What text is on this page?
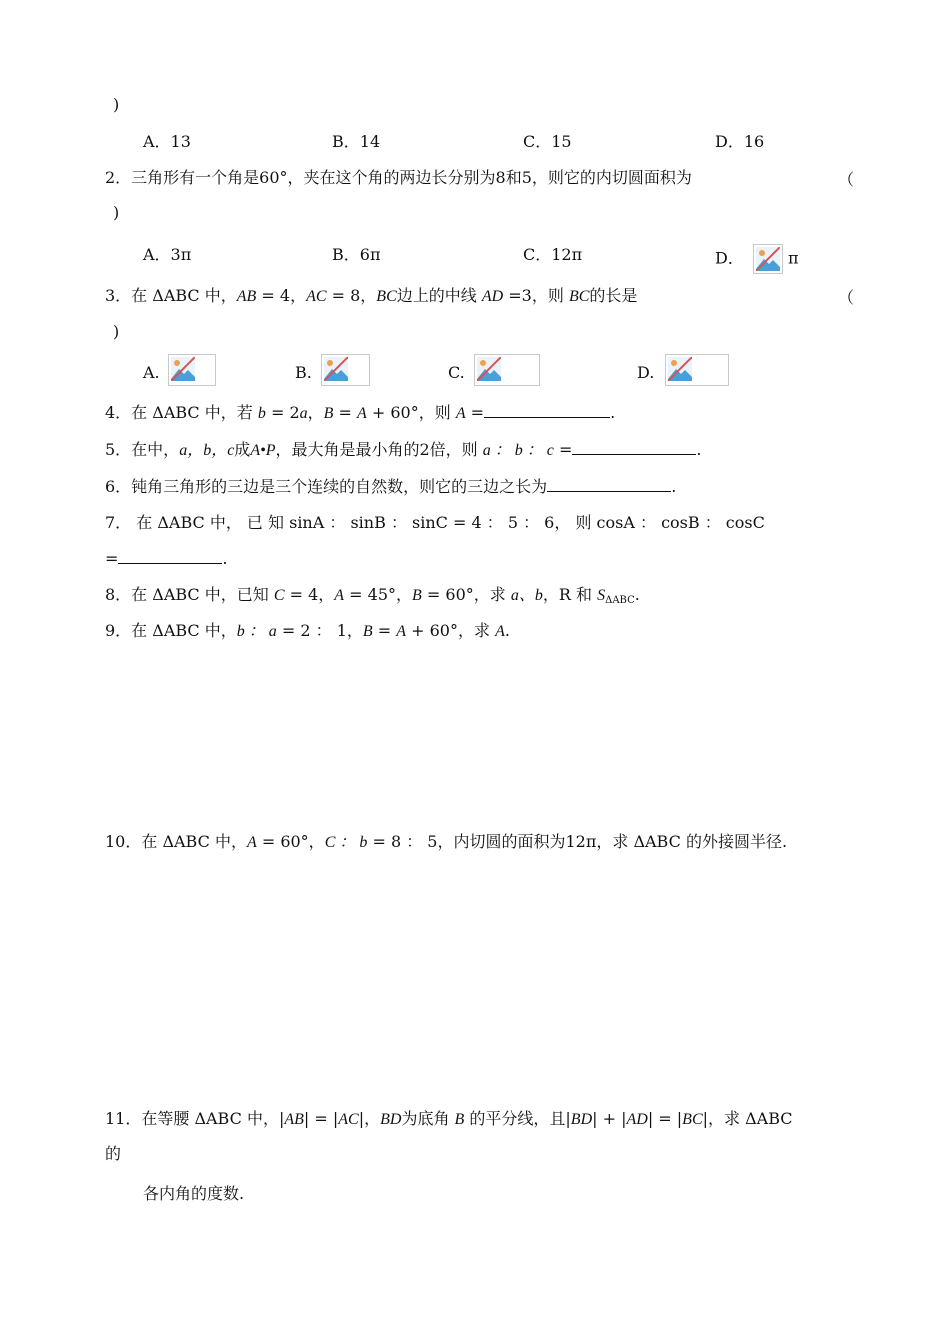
)
A．13	B．14	C．15	D．16
2．三角形有一个角是60°，夹在这个角的两边长分别为8和5，则它的内切圆面积为	（
)
A．3π	B．6π	C．12π	D．	π
3．在 ΔABC 中，AB = 4，AC = 8，BC边上的中线 AD =3，则 BC的长是	（
)
A.	B.	C.	D.
4．在 ΔABC 中，若 b = 2a，B = A + 60°，则 A =	.
5．在中，a，b，c成A•P，最大角是最小角的2倍，则 a ： b ： c =	.
6．钝角三角形的三边是三个连续的自然数，则它的三边之长为	.
7． 在 ΔABC 中， 已 知 sinA ： sinB ： sinC = 4 ： 5 ： 6， 则 cosA ： cosB ： cosC
=	.
8．在 ΔABC 中，已知 C = 4，A = 45°，B = 60°，求 a、b，R 和 $S_{\Delta ABC}$.
9．在 ΔABC 中，b ： a = 2 ： 1，B = A + 60°，求 A.
10．在 ΔABC 中，A = 60°，C ： b = 8 ： 5，内切圆的面积为12π，求 ΔABC 的外接圆半径.
11．在等腰 ΔABC 中，|AB| = |AC|，BD为底角 B 的平分线，且|BD| + |AD| = |BC|，求 ΔABC
的
各内角的度数.
